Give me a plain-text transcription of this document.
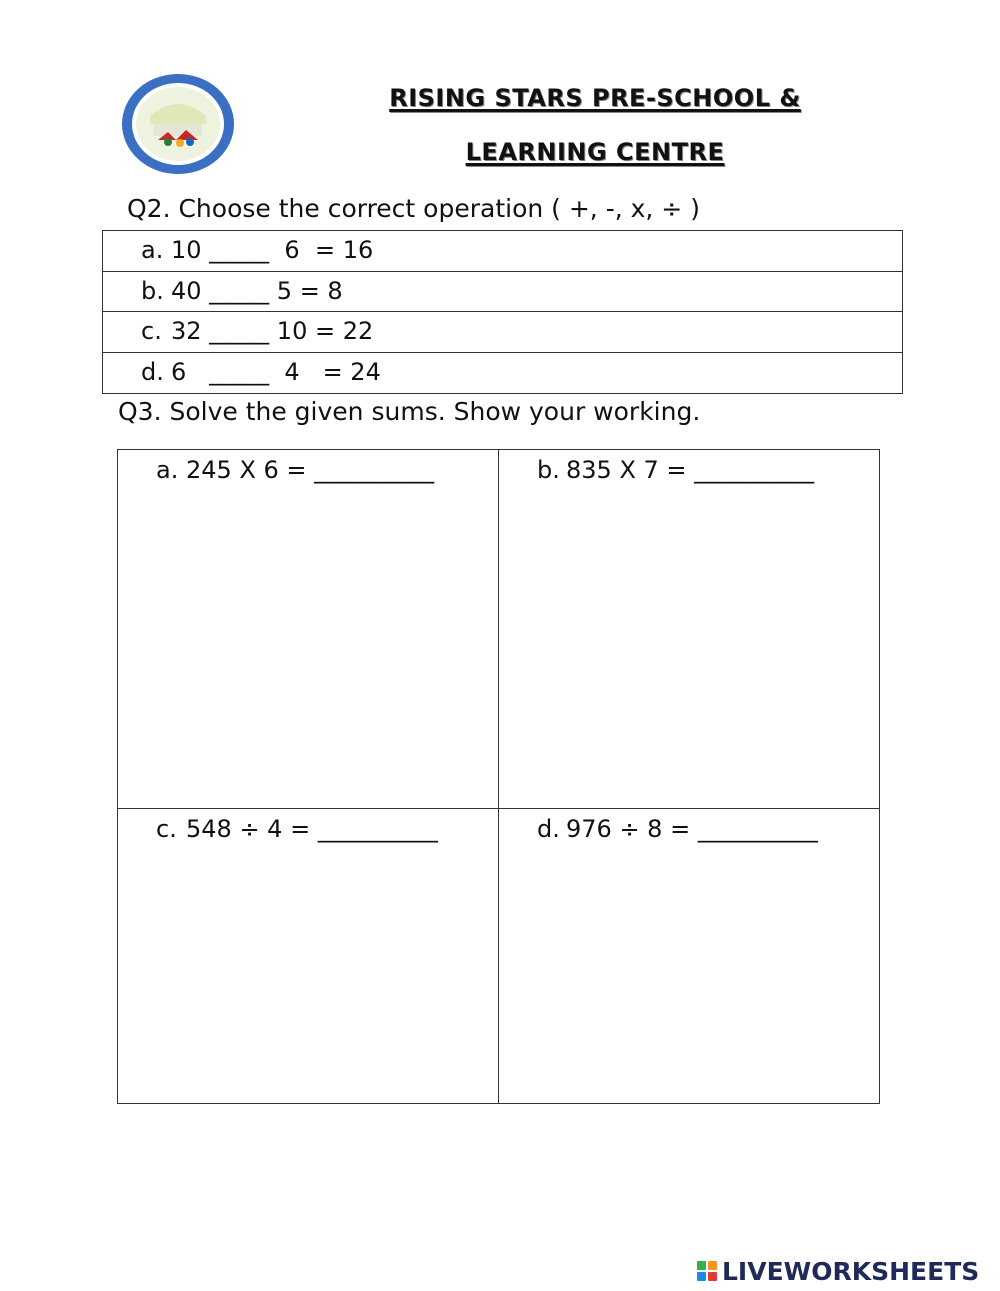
RISING STARS PRE-SCHOOL &
LEARNING CENTRE
Q2. Choose the correct operation ( +, -, x, ÷ )
a. 10 _____  6  = 16
b. 40 _____ 5 = 8
c. 32 _____ 10 = 22
d. 6   _____  4   = 24
Q3. Solve the given sums. Show your working.
a. 245 X 6 = __________	b. 835 X 7 = __________
c. 548 ÷ 4 = __________	d. 976 ÷ 8 = __________
LIVEWORKSHEETS
